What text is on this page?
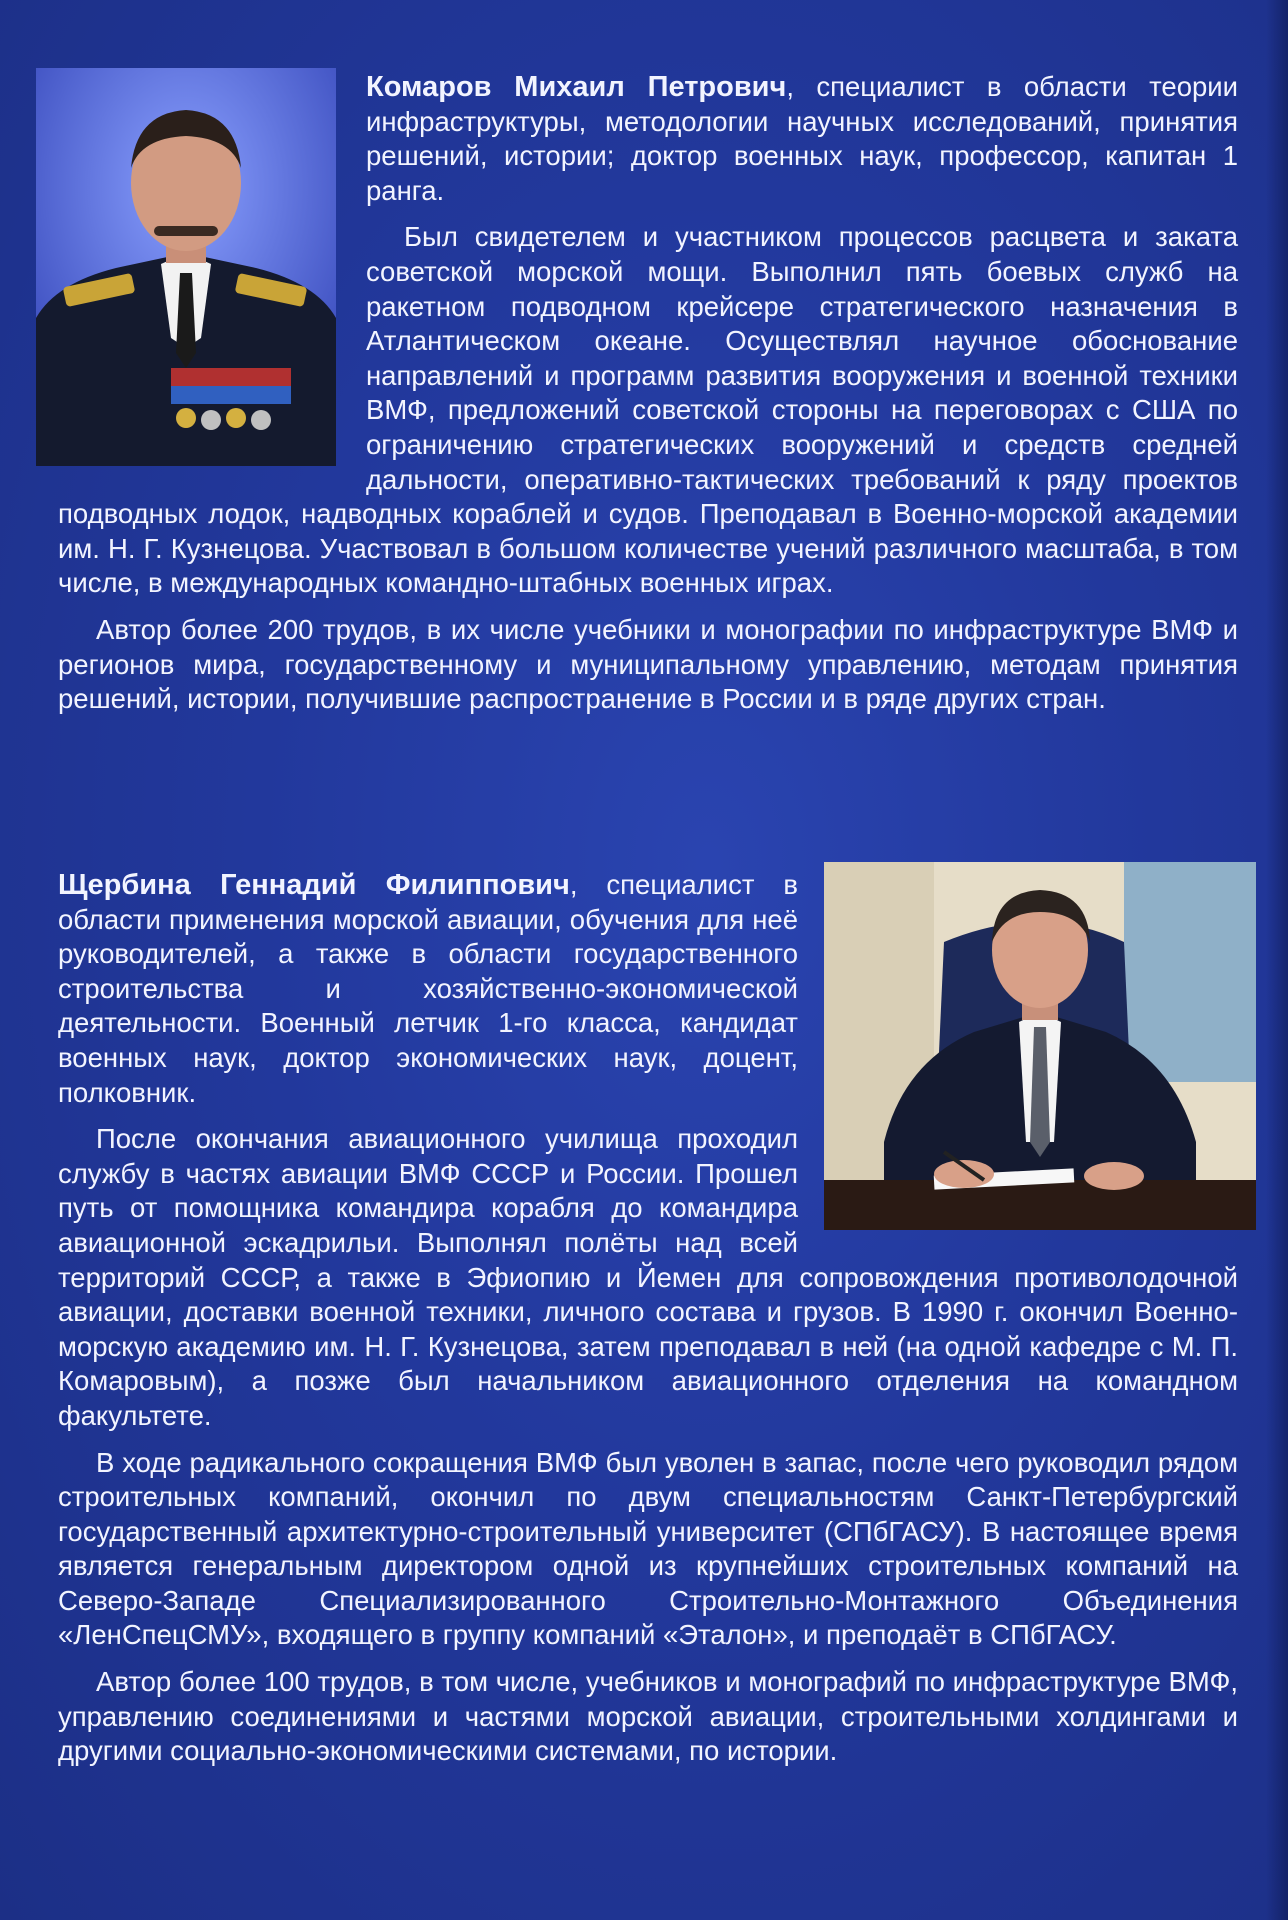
Комаров Михаил Петрович, специалист в области теории инфраструктуры, методологии научных исследований, принятия решений, истории; доктор военных наук, профессор, капитан 1 ранга.

Был свидетелем и участником процессов расцвета и заката советской морской мощи. Выполнил пять боевых служб на ракетном подводном крейсере стратегического назначения в Атлантическом океане. Осуществлял научное обоснование направлений и программ развития вооружения и военной техники ВМФ, предложений советской стороны на переговорах с США по ограничению стратегических вооружений и средств средней дальности, оперативно-тактических требований к ряду проектов подводных лодок, надводных кораблей и судов. Преподавал в Военно-морской академии им. Н. Г. Кузнецова. Участвовал в большом количестве учений различного масштаба, в том числе, в международных командно-штабных военных играх.

Автор более 200 трудов, в их числе учебники и монографии по инфраструктуре ВМФ и регионов мира, государственному и муниципальному управлению, методам принятия решений, истории, получившие распространение в России и в ряде других стран.

Щербина Геннадий Филиппович, специалист в области применения морской авиации, обучения для неё руководителей, а также в области государственного строительства и хозяйственно-экономической деятельности. Военный летчик 1-го класса, кандидат военных наук, доктор экономических наук, доцент, полковник.

После окончания авиационного училища проходил службу в частях авиации ВМФ СССР и России. Прошел путь от помощника командира корабля до командира авиационной эскадрильи. Выполнял полёты над всей территорий СССР, а также в Эфиопию и Йемен для сопровождения противолодочной авиации, доставки военной техники, личного состава и грузов. В 1990 г. окончил Военно-морскую академию им. Н. Г. Кузнецова, затем преподавал в ней (на одной кафедре с М. П. Комаровым), а позже был начальником авиационного отделения на командном факультете.

В ходе радикального сокращения ВМФ был уволен в запас, после чего руководил рядом строительных компаний, окончил по двум специальностям Санкт-Петербургский государственный архитектурно-строительный университет (СПбГАСУ). В настоящее время является генеральным директором одной из крупнейших строительных компаний на Северо-Западе Специализированного Строительно-Монтажного Объединения «ЛенСпецСМУ», входящего в группу компаний «Эталон», и преподаёт в СПбГАСУ.

Автор более 100 трудов, в том числе, учебников и монографий по инфраструктуре ВМФ, управлению соединениями и частями морской авиации, строительными холдингами и другими социально-экономическими системами, по истории.
